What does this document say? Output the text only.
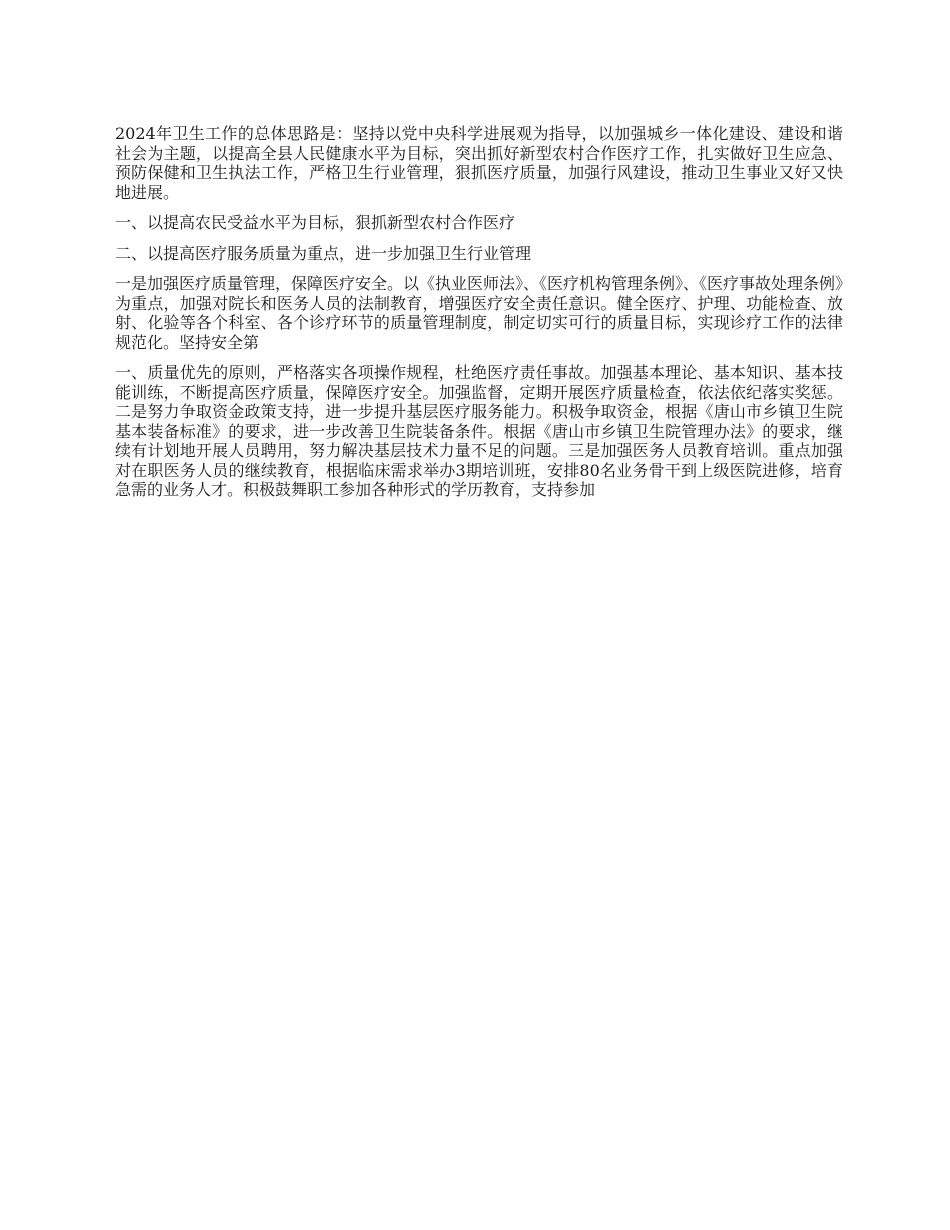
2024年卫生工作的总体思路是：坚持以党中央科学进展观为指导，以加强城乡一体化建设、建设和谐社会为主题，以提高全县人民健康水平为目标，突出抓好新型农村合作医疗工作，扎实做好卫生应急、预防保健和卫生执法工作，严格卫生行业管理，狠抓医疗质量，加强行风建设，推动卫生事业又好又快地进展。

一、以提高农民受益水平为目标，狠抓新型农村合作医疗

二、以提高医疗服务质量为重点，进一步加强卫生行业管理

一是加强医疗质量管理，保障医疗安全。以《执业医师法》、《医疗机构管理条例》、《医疗事故处理条例》为重点，加强对院长和医务人员的法制教育，增强医疗安全责任意识。健全医疗、护理、功能检查、放射、化验等各个科室、各个诊疗环节的质量管理制度，制定切实可行的质量目标，实现诊疗工作的法律规范化。坚持安全第

一、质量优先的原则，严格落实各项操作规程，杜绝医疗责任事故。加强基本理论、基本知识、基本技能训练，不断提高医疗质量，保障医疗安全。加强监督，定期开展医疗质量检查，依法依纪落实奖惩。二是努力争取资金政策支持，进一步提升基层医疗服务能力。积极争取资金，根据《唐山市乡镇卫生院基本装备标准》的要求，进一步改善卫生院装备条件。根据《唐山市乡镇卫生院管理办法》的要求，继续有计划地开展人员聘用，努力解决基层技术力量不足的问题。三是加强医务人员教育培训。重点加强对在职医务人员的继续教育，根据临床需求举办3期培训班，安排80名业务骨干到上级医院进修，培育急需的业务人才。积极鼓舞职工参加各种形式的学历教育，支持参加
